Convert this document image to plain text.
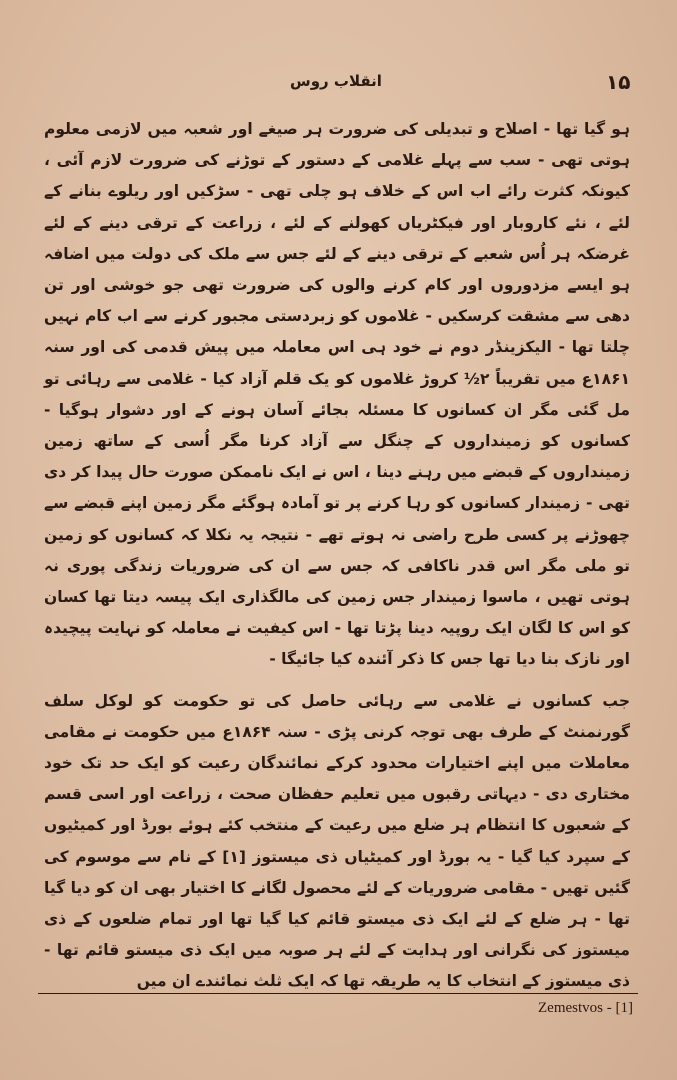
انقلاب روس	۱۵

ہو گیا تھا - اصلاح و تبدیلی کی ضرورت ہر صیغے اور شعبہ میں لازمی معلوم ہوتی تھی - سب سے پہلے غلامی کے دستور کے توڑنے کی ضرورت لازم آئی ، کیونکہ کثرت رائے اب اس کے خلاف ہو چلی تھی - سڑکیں اور ریلوے بنانے کے لئے ، نئے کاروبار اور فیکٹریاں کھولنے کے لئے ، زراعت کے ترقی دینے کے لئے غرضکہ ہر اُس شعبے کے ترقی دینے کے لئے جس سے ملک کی دولت میں اضافہ ہو ایسے مزدوروں اور کام کرنے والوں کی ضرورت تھی جو خوشی اور تن دھی سے مشقت کرسکیں - غلاموں کو زبردستی مجبور کرنے سے اب کام نہیں چلتا تھا - الیکزینڈر دوم نے خود ہی اس معاملہ میں پیش قدمی کی اور سنہ ۱۸۶۱ع میں تقریباً ۲½ کروڑ غلاموں کو یک قلم آزاد کیا - غلامی سے رہائی تو مل گئی مگر ان کسانوں کا مسئلہ بجائے آسان ہونے کے اور دشوار ہوگیا - کسانوں کو زمینداروں کے چنگل سے آزاد کرنا مگر اُسی کے ساتھ زمین زمینداروں کے قبضے میں رہنے دینا ، اس نے ایک ناممکن صورت حال پیدا کر دی تھی - زمیندار کسانوں کو رہا کرنے پر تو آمادہ ہوگئے مگر زمین اپنے قبضے سے چھوڑنے پر کسی طرح راضی نہ ہوتے تھے - نتیجہ یہ نکلا کہ کسانوں کو زمین تو ملی مگر اس قدر ناکافی کہ جس سے ان کی ضروریات زندگی پوری نہ ہوتی تھیں ، ماسوا زمیندار جس زمین کی مالگذاری ایک پیسہ دیتا تھا کسان کو اس کا لگان ایک روپیہ دینا پڑتا تھا - اس کیفیت نے معاملہ کو نہایت پیچیدہ اور نازک بنا دیا تھا جس کا ذکر آئندہ کیا جائیگا -

جب کسانوں نے غلامی سے رہائی حاصل کی تو حکومت کو لوکل سلف گورنمنٹ کے طرف بھی توجہ کرنی پڑی - سنہ ۱۸۶۴ع میں حکومت نے مقامی معاملات میں اپنے اختیارات محدود کرکے نمائندگان رعیت کو ایک حد تک خود مختاری دی - دیہاتی رقبوں میں تعلیم حفظان صحت ، زراعت اور اسی قسم کے شعبوں کا انتظام ہر ضلع میں رعیت کے منتخب کئے ہوئے بورڈ اور کمیٹیوں کے سپرد کیا گیا - یہ بورڈ اور کمیٹیاں ذی میستوز [۱] کے نام سے موسوم کی گئیں تھیں - مقامی ضروریات کے لئے محصول لگانے کا اختیار بھی ان کو دیا گیا تھا - ہر ضلع کے لئے ایک ذی میستو قائم کیا گیا تھا اور تمام ضلعوں کے ذی میستوز کی نگرانی اور ہدایت کے لئے ہر صوبہ میں ایک ذی میستو قائم تھا - ذی میستوز کے انتخاب کا یہ طریقہ تھا کہ ایک ثلث نمائندے ان میں

Zemestvos - [1]
